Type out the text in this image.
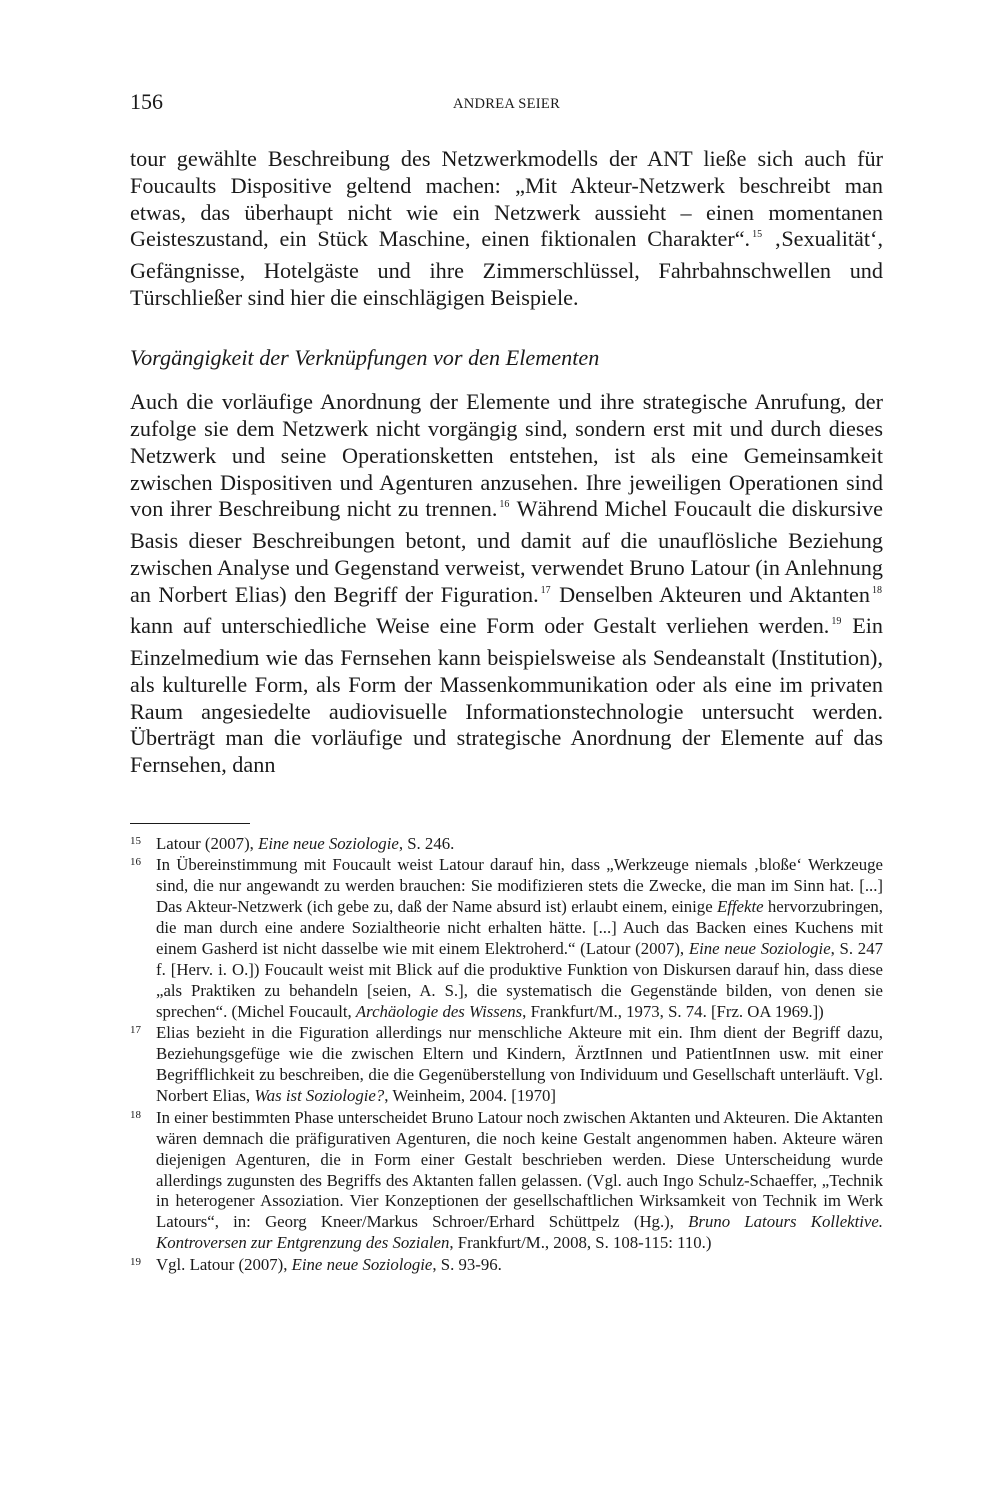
156	ANDREA SEIER

tour gewählte Beschreibung des Netzwerkmodells der ANT ließe sich auch für Foucaults Dispositive geltend machen: „Mit Akteur-Netzwerk beschreibt man etwas, das überhaupt nicht wie ein Netzwerk aussieht – einen momentanen Geisteszustand, ein Stück Maschine, einen fiktionalen Charakter“. $^{15}$ ‚Sexualität‘, Gefängnisse, Hotelgäste und ihre Zimmerschlüssel, Fahrbahnschwellen und Türschließer sind hier die einschlägigen Beispiele.

Vorgängigkeit der Verknüpfungen vor den Elementen

Auch die vorläufige Anordnung der Elemente und ihre strategische Anrufung, der zufolge sie dem Netzwerk nicht vorgängig sind, sondern erst mit und durch dieses Netzwerk und seine Operationsketten entstehen, ist als eine Gemeinsamkeit zwischen Dispositiven und Agenturen anzusehen. Ihre jeweiligen Operationen sind von ihrer Beschreibung nicht zu trennen. $^{16}$ Während Michel Foucault die diskursive Basis dieser Beschreibungen betont, und damit auf die unauflösliche Beziehung zwischen Analyse und Gegenstand verweist, verwendet Bruno Latour (in Anlehnung an Norbert Elias) den Begriff der Figuration. $^{17}$ Denselben Akteuren und Aktanten $^{18}$ kann auf unterschiedliche Weise eine Form oder Gestalt verliehen werden. $^{19}$ Ein Einzelmedium wie das Fernsehen kann beispielsweise als Sendeanstalt (Institution), als kulturelle Form, als Form der Massenkommunikation oder als eine im privaten Raum angesiedelte audiovisuelle Informationstechnologie untersucht werden. Überträgt man die vorläufige und strategische Anordnung der Elemente auf das Fernsehen, dann

15 Latour (2007), Eine neue Soziologie, S. 246.
16 In Übereinstimmung mit Foucault weist Latour darauf hin, dass „Werkzeuge niemals ‚bloße‘ Werkzeuge sind, die nur angewandt zu werden brauchen: Sie modifizieren stets die Zwecke, die man im Sinn hat. [...] Das Akteur-Netzwerk (ich gebe zu, daß der Name absurd ist) erlaubt einem, einige Effekte hervorzubringen, die man durch eine andere Sozialtheorie nicht erhalten hätte. [...] Auch das Backen eines Kuchens mit einem Gasherd ist nicht dasselbe wie mit einem Elektroherd.“ (Latour (2007), Eine neue Soziologie, S. 247 f. [Herv. i. O.]) Foucault weist mit Blick auf die produktive Funktion von Diskursen darauf hin, dass diese „als Praktiken zu behandeln [seien, A. S.], die systematisch die Gegenstände bilden, von denen sie sprechen“. (Michel Foucault, Archäologie des Wissens, Frankfurt/M., 1973, S. 74. [Frz. OA 1969.])
17 Elias bezieht in die Figuration allerdings nur menschliche Akteure mit ein. Ihm dient der Begriff dazu, Beziehungsgefüge wie die zwischen Eltern und Kindern, ÄrztInnen und PatientInnen usw. mit einer Begrifflichkeit zu beschreiben, die die Gegenüberstellung von Individuum und Gesellschaft unterläuft. Vgl. Norbert Elias, Was ist Soziologie?, Weinheim, 2004. [1970]
18 In einer bestimmten Phase unterscheidet Bruno Latour noch zwischen Aktanten und Akteuren. Die Aktanten wären demnach die präfigurativen Agenturen, die noch keine Gestalt angenommen haben. Akteure wären diejenigen Agenturen, die in Form einer Gestalt beschrieben werden. Diese Unterscheidung wurde allerdings zugunsten des Begriffs des Aktanten fallen gelassen. (Vgl. auch Ingo Schulz-Schaeffer, „Technik in heterogener Assoziation. Vier Konzeptionen der gesellschaftlichen Wirksamkeit von Technik im Werk Latours“, in: Georg Kneer/Markus Schroer/Erhard Schüttpelz (Hg.), Bruno Latours Kollektive. Kontroversen zur Entgrenzung des Sozialen, Frankfurt/M., 2008, S. 108-115: 110.)
19 Vgl. Latour (2007), Eine neue Soziologie, S. 93-96.
